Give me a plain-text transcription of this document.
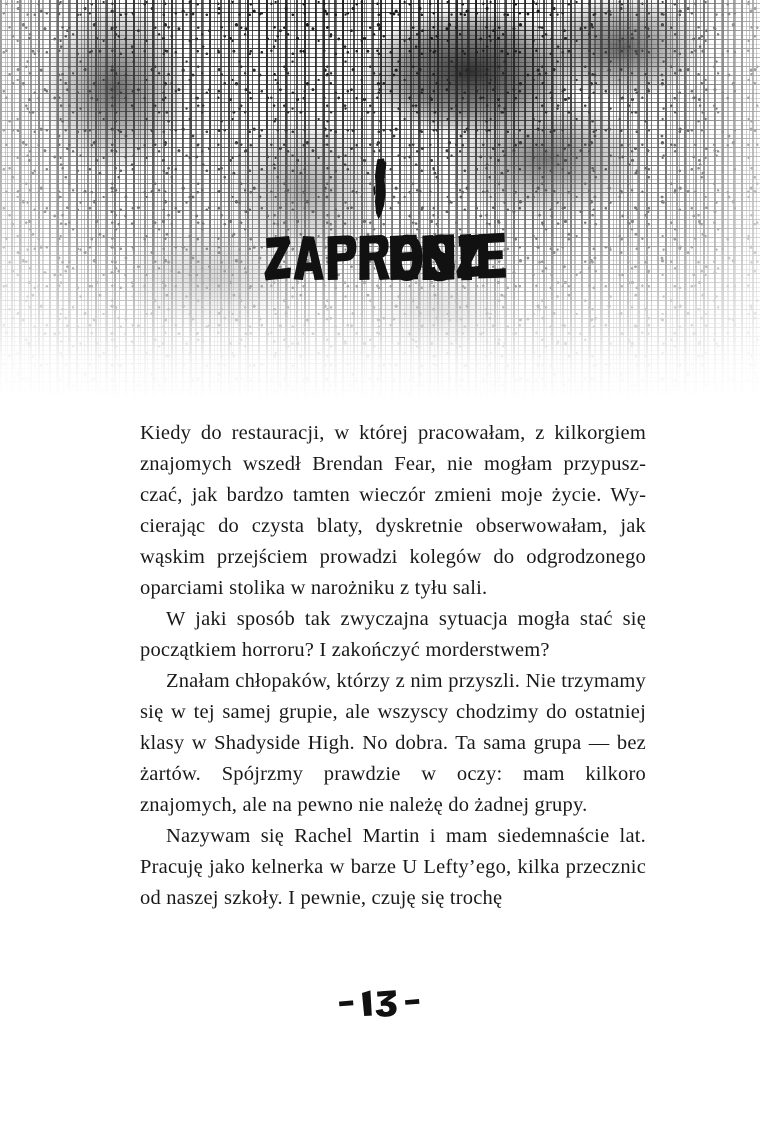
Kiedy do restauracji, w której pracowałam, z kilkorgiem znajomych wszedł Brendan Fear, nie mogłam przypuszczać, jak bardzo tamten wieczór zmieni moje życie. Wycierając do czysta blaty, dyskretnie obserwowałam, jak wąskim przejściem prowadzi kolegów do odgrodzonego oparciami stolika w narożniku z tyłu sali.

W jaki sposób tak zwyczajna sytuacja mogła stać się początkiem horroru? I zakończyć morderstwem?

Znałam chłopaków, którzy z nim przyszli. Nie trzymamy się w tej samej grupie, ale wszyscy chodzimy do ostatniej klasy w Shadyside High. No dobra. Ta sama grupa — bez żartów. Spójrzmy prawdzie w oczy: mam kilkoro znajomych, ale na pewno nie należę do żadnej grupy.

Nazywam się Rachel Martin i mam siedemnaście lat. Pracuję jako kelnerka w barze U Lefty’ego, kilka przecznic od naszej szkoły. I pewnie, czuję się trochę
